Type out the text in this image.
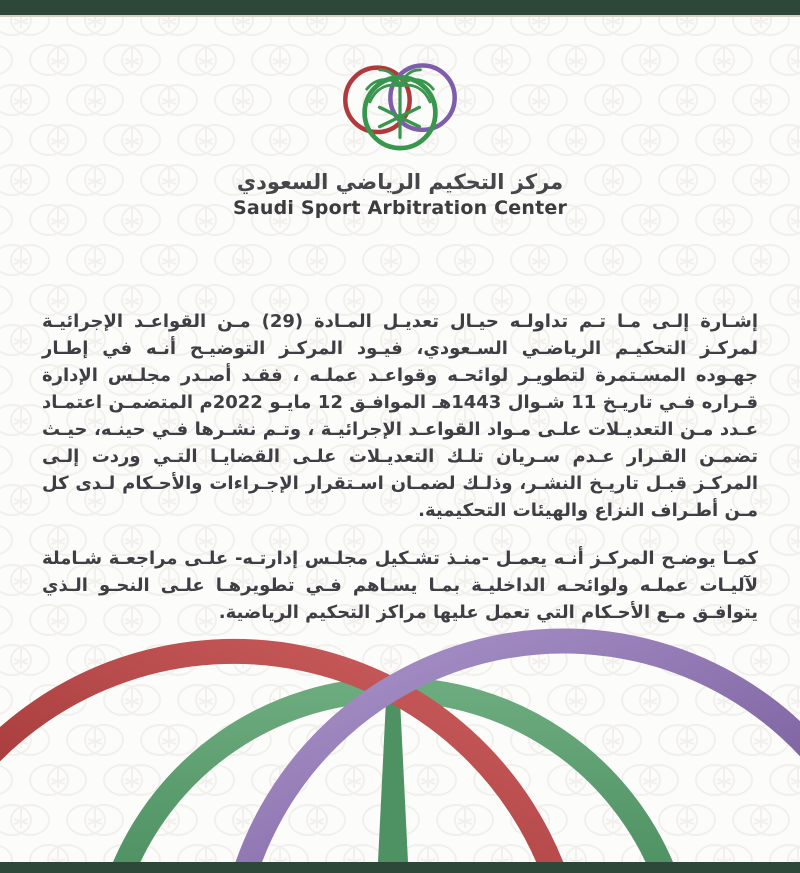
مركز التحكيم الرياضي السعودي
Saudi Sport Arbitration Center

إشـارة إلـى مـا تـم تداولـه حيـال تعديـل المـادة (29) مـن القواعـد الإجرائيـة لمركـز التحكيـم الرياضـي السـعودي، فيـود المركـز التوضيـح أنـه في إطـار جهـوده المسـتمرة لتطويـر لوائحـه وقواعـد عملـه ، فقـد أصـدر مجلـس الإدارة قـراره فـي تاريـخ 11 شـوال 1443هـ الموافـق 12 مايـو 2022م المتضمـن اعتمـاد عـدد مـن التعديـلات علـى مـواد القواعـد الإجرائيـة ، وتـم نشـرها فـي حينـه، حيـث تضمـن القـرار عـدم سـريان تلـك التعديـلات علـى القضايـا التـي وردت إلـى المركـز قبـل تاريـخ النشـر، وذلـك لضمـان اسـتقرار الإجـراءات والأحـكام لـدى كل مـن أطـراف النزاع والهيئات التحكيمية.

كمـا يوضـح المركـز أنـه يعمـل -منـذ تشـكيل مجلـس إدارتـه- علـى مراجعـة شـاملة لآليـات عملـه ولوائحـه الداخليـة بمـا يسـاهم فـي تطويرهـا علـى النحـو الـذي يتوافـق مـع الأحـكام التي تعمل عليها مراكز التحكيم الرياضية.
